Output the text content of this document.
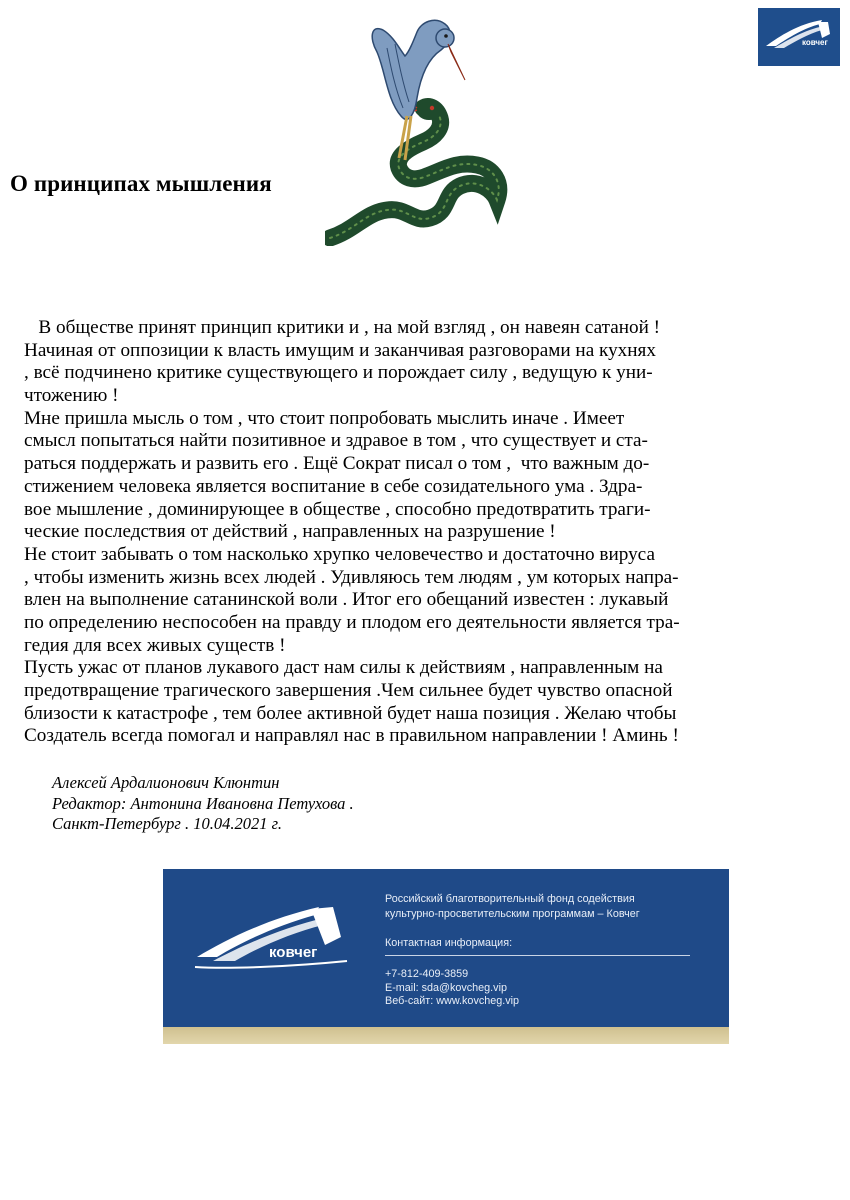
О принципах мышления
ковчег
В обществе принят принцип критики и , на мой взгляд , он навеян сатаной !
Начиная от оппозиции к власть имущим и заканчивая разговорами на кухнях
, всё подчинено критике существующего и порождает силу , ведущую к уни-
чтожению !
Мне пришла мысль о том , что стоит попробовать мыслить иначе . Имеет
смысл попытаться найти позитивное и здравое в том , что существует и ста-
раться поддержать и развить его . Ещё Сократ писал о том ,  что важным до-
стижением человека является воспитание в себе созидательного ума . Здра-
вое мышление , доминирующее в обществе , способно предотвратить траги-
ческие последствия от действий , направленных на разрушение !
Не стоит забывать о том насколько хрупко человечество и достаточно вируса
, чтобы изменить жизнь всех людей . Удивляюсь тем людям , ум которых напра-
влен на выполнение сатанинской воли . Итог его обещаний известен : лукавый
по определению неспособен на правду и плодом его деятельности является тра-
гедия для всех живых существ !
Пусть ужас от планов лукавого даст нам силы к действиям , направленным на
предотвращение трагического завершения .Чем сильнее будет чувство опасной
близости к катастрофе , тем более активной будет наша позиция . Желаю чтобы
Создатель всегда помогал и направлял нас в правильном направлении ! Аминь !
Алексей Ардалионович Клюнтин
Редактор: Антонина Ивановна Петухова .
Санкт-Петербург . 10.04.2021 г.
ковчег
Российский благотворительный фонд содействия
культурно-просветительским программам – Ковчег
Контактная информация:
+7-812-409-3859
E-mail: sda@kovcheg.vip
Веб-сайт: www.kovcheg.vip
